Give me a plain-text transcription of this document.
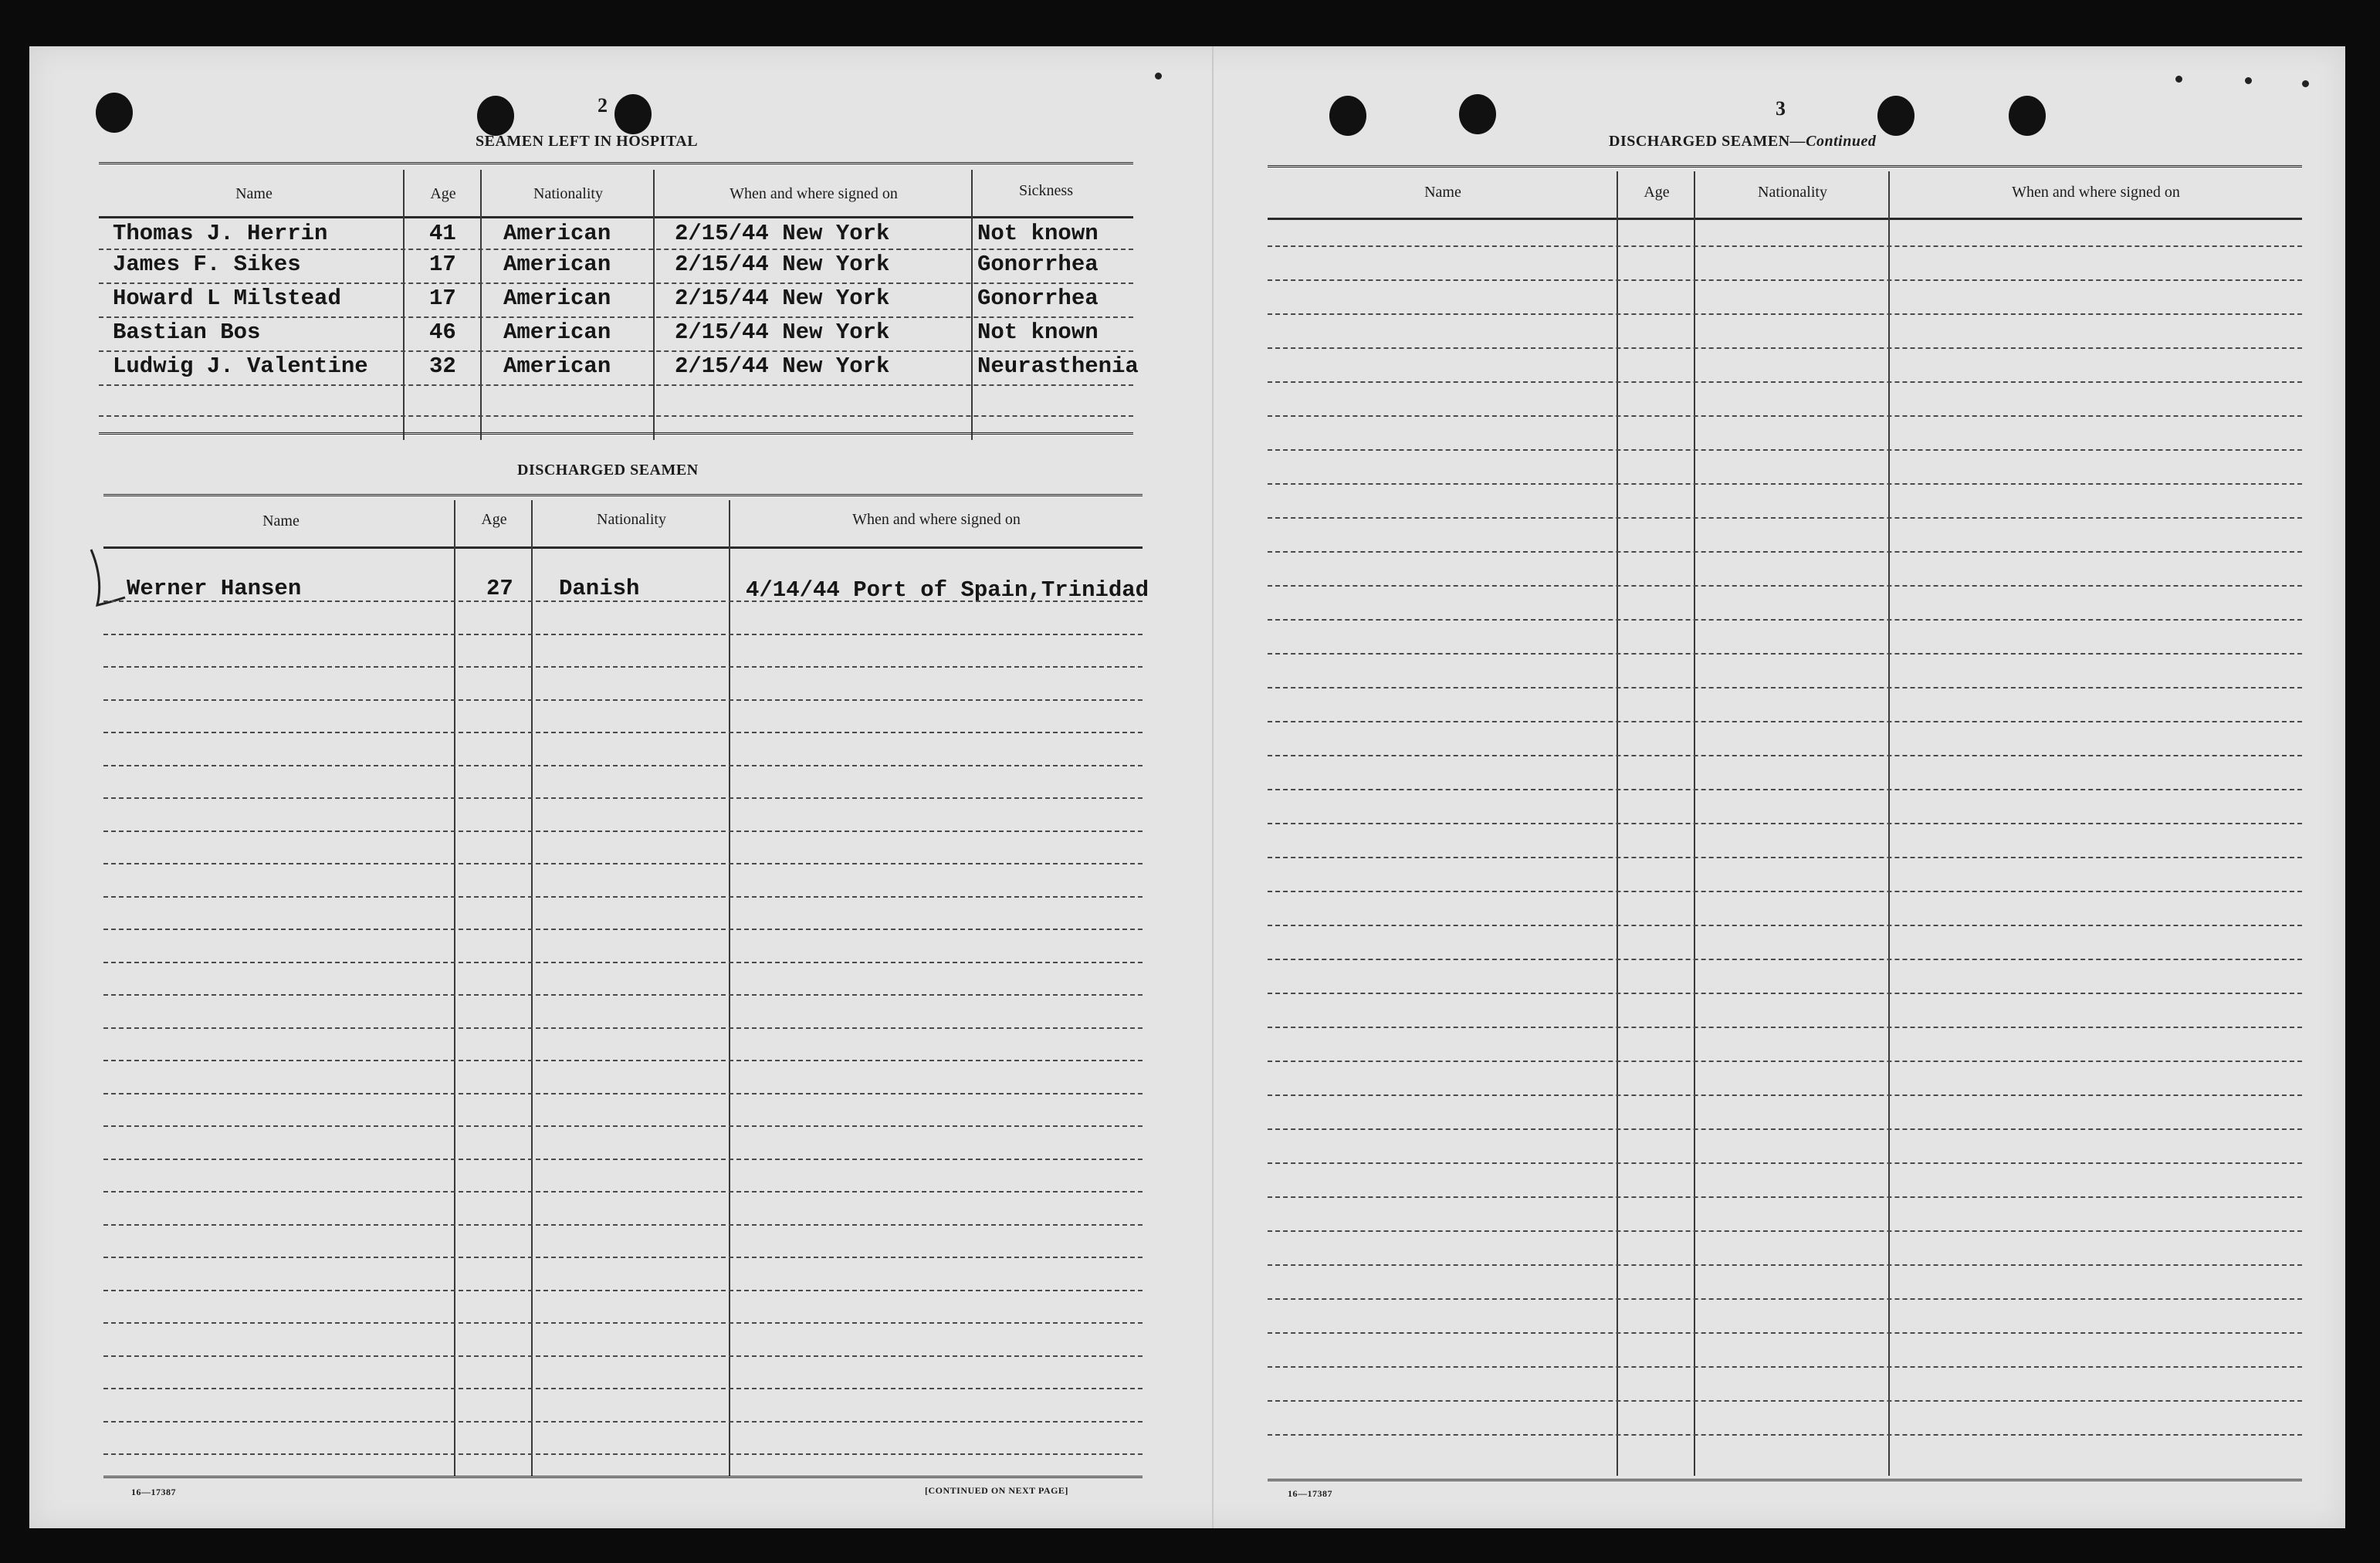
2
SEAMEN LEFT IN HOSPITAL
Name	Age	Nationality	When and where signed on	Sickness
Thomas J. Herrin	41 American	2/15/44 New York	Not known
James F. Sikes	17 American	2/15/44 New York	Gonorrhea
Howard L Milstead	17 American	2/15/44 New York	Gonorrhea
Bastian Bos	46 American	2/15/44 New York	Not known
Ludwig J. Valentine	32 American	2/15/44 New York	Neurasthenia
DISCHARGED SEAMEN
Name	Age	Nationality	When and where signed on
Werner Hansen	27 Danish	4/14/44 Port of Spain,Trinidad
16—17387	[CONTINUED ON NEXT PAGE]
3
DISCHARGED SEAMEN—Continued
Name	Age	Nationality	When and where signed on
16—17387
